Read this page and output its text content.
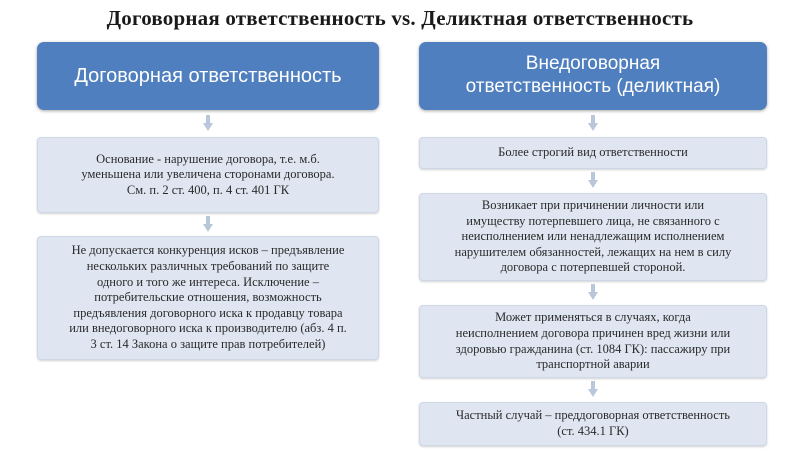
Договорная ответственность vs. Деликтная ответственность
Договорная ответственность
Основание - нарушение договора, т.е. м.б.
уменьшена или увеличена сторонами договора.
См. п. 2 ст. 400, п. 4 ст. 401 ГК
Не допускается конкуренция исков – предъявление
нескольких различных требований по защите
одного и того же интереса. Исключение –
потребительские отношения, возможность
предъявления договорного иска к продавцу товара
или внедоговорного иска к производителю (абз. 4 п.
3 ст. 14 Закона о защите прав потребителей)
Внедоговорная
ответственность (деликтная)
Более строгий вид ответственности
Возникает при причинении личности или
имуществу потерпевшего лица, не связанного с
неисполнением или ненадлежащим исполнением
нарушителем обязанностей, лежащих на нем в силу
договора с потерпевшей стороной.
Может применяться в случаях, когда
неисполнением договора причинен вред жизни или
здоровью гражданина (ст. 1084 ГК): пассажиру при
транспортной аварии
Частный случай – преддоговорная ответственность
(ст. 434.1 ГК)
